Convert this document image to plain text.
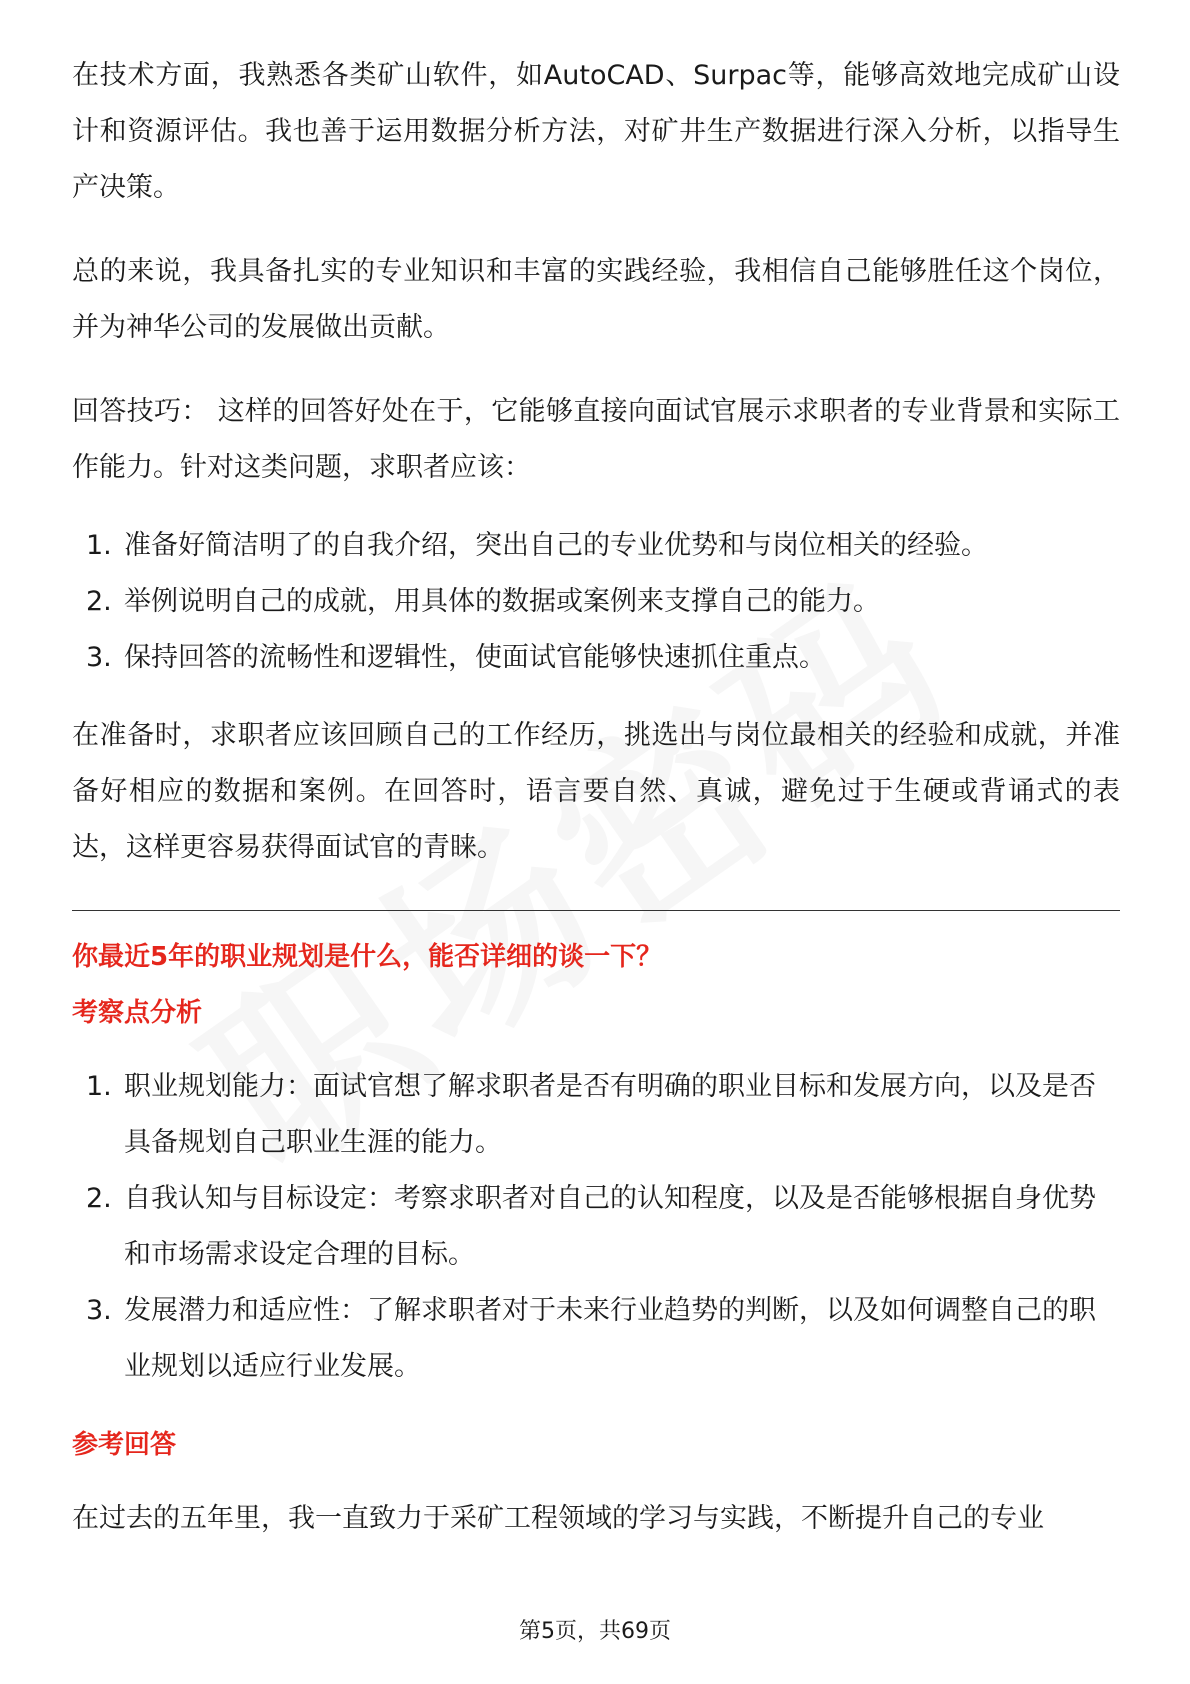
在技术方面，我熟悉各类矿山软件，如AutoCAD、Surpac等，能够高效地完成矿山设计和资源评估。我也善于运用数据分析方法，对矿井生产数据进行深入分析，以指导生产决策。

总的来说，我具备扎实的专业知识和丰富的实践经验，我相信自己能够胜任这个岗位，并为神华公司的发展做出贡献。

回答技巧： 这样的回答好处在于，它能够直接向面试官展示求职者的专业背景和实际工作能力。针对这类问题，求职者应该：

1. 准备好简洁明了的自我介绍，突出自己的专业优势和与岗位相关的经验。
2. 举例说明自己的成就，用具体的数据或案例来支撑自己的能力。
3. 保持回答的流畅性和逻辑性，使面试官能够快速抓住重点。

在准备时，求职者应该回顾自己的工作经历，挑选出与岗位最相关的经验和成就，并准备好相应的数据和案例。在回答时，语言要自然、真诚，避免过于生硬或背诵式的表达，这样更容易获得面试官的青睐。

你最近5年的职业规划是什么，能否详细的谈一下？
考察点分析
1. 职业规划能力：面试官想了解求职者是否有明确的职业目标和发展方向，以及是否具备规划自己职业生涯的能力。
2. 自我认知与目标设定：考察求职者对自己的认知程度，以及是否能够根据自身优势和市场需求设定合理的目标。
3. 发展潜力和适应性：了解求职者对于未来行业趋势的判断，以及如何调整自己的职业规划以适应行业发展。
参考回答

在过去的五年里，我一直致力于采矿工程领域的学习与实践，不断提升自己的专业

第5页，共69页
